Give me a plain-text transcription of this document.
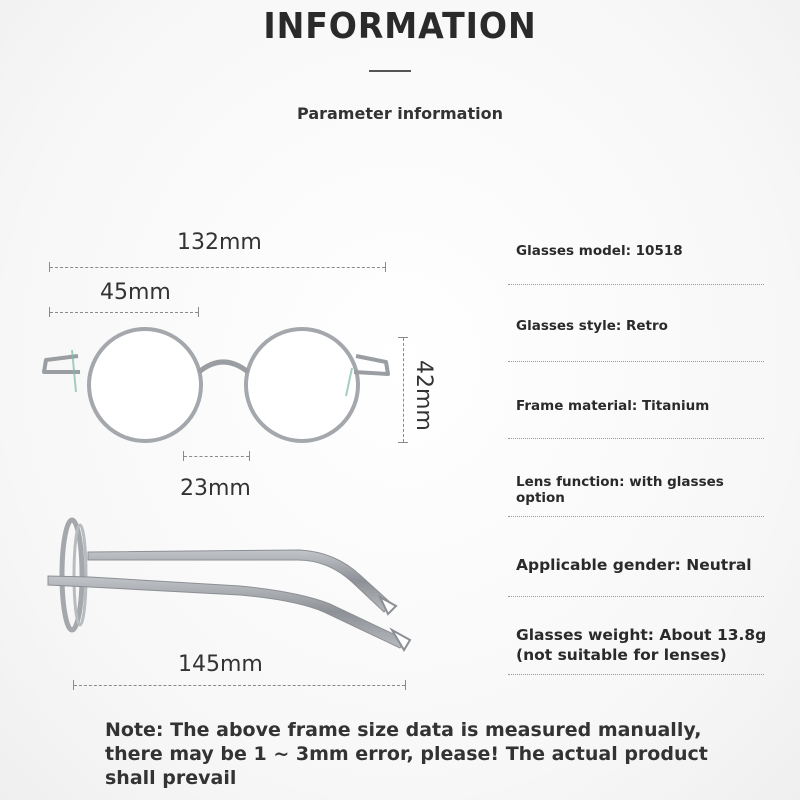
INFORMATION
Parameter information
132mm
45mm
42mm
23mm
145mm
Glasses model: 10518
Glasses style: Retro
Frame material: Titanium
Lens function: with glasses option
Applicable gender: Neutral
Glasses weight: About 13.8g
(not suitable for lenses)
Note: The above frame size data is measured manually, there may be 1 ~ 3mm error, please! The actual product shall prevail
